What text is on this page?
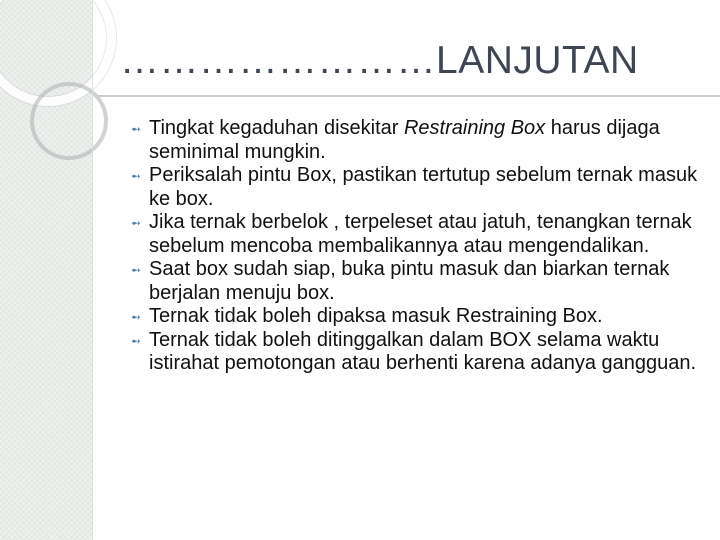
……………………LANJUTAN
➻ Tingkat kegaduhan disekitar Restraining Box harus dijaga seminimal mungkin.
➻ Periksalah pintu Box, pastikan tertutup sebelum ternak masuk ke box.
➻ Jika ternak berbelok , terpeleset atau jatuh, tenangkan ternak sebelum mencoba membalikannya atau mengendalikan.
➻ Saat box sudah siap, buka pintu masuk dan biarkan ternak berjalan menuju box.
➻ Ternak tidak boleh dipaksa masuk Restraining Box.
➻ Ternak tidak boleh ditinggalkan dalam BOX selama waktu istirahat pemotongan atau berhenti karena adanya gangguan.
